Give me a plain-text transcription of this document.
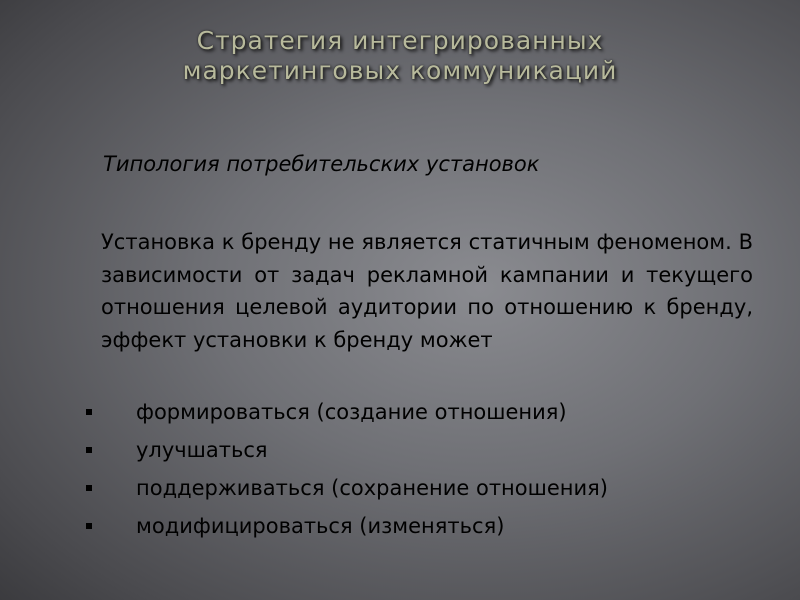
Стратегия интегрированных
маркетинговых коммуникаций
Типология потребительских установок
Установка к бренду не является статичным феноменом. В зависимости от задач рекламной кампании и текущего отношения целевой аудитории по отношению к бренду, эффект установки к бренду может
формироваться (создание отношения)
улучшаться
поддерживаться (сохранение отношения)
модифицироваться (изменяться)
